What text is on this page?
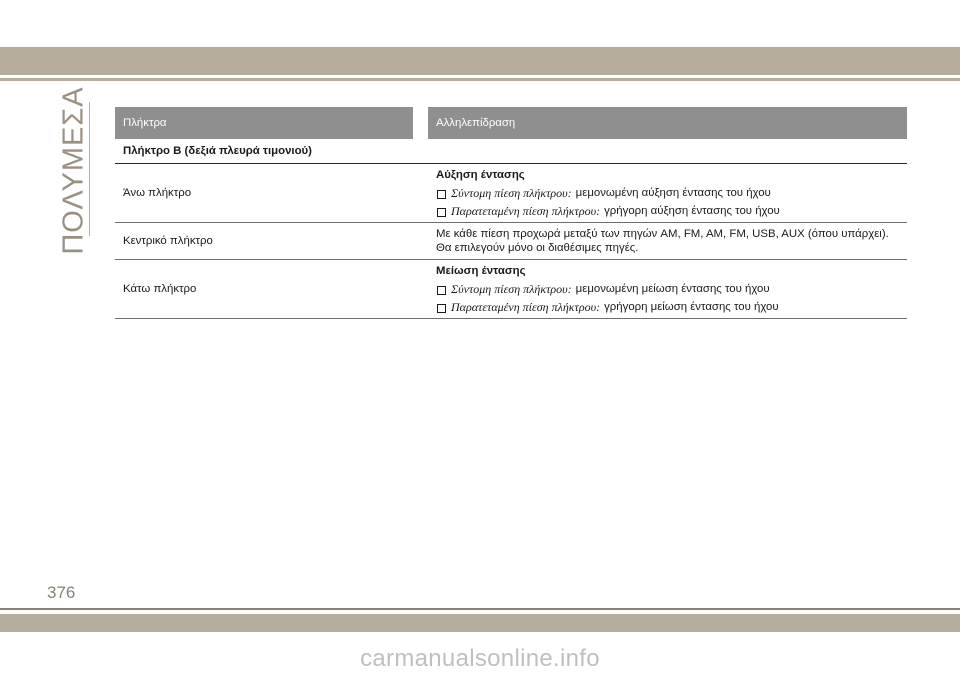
ΠΟΛΥΜΕΣΑ	Πλήκτρα		Αλληλεπίδραση
Πλήκτρο Β (δεξιά πλευρά τιμονιού)		
Άνω πλήκτρο		Αύξηση έντασης
Σύντομη πίεση πλήκτρου: μεμονωμένη αύξηση έντασης του ήχου
Παρατεταμένη πίεση πλήκτρου: γρήγορη αύξηση έντασης του ήχου

Κεντρικό πλήκτρο		Με κάθε πίεση προχωρά μεταξύ των πηγών AM, FM, AM, FM, USB, AUX (όπου υπάρχει). Θα επιλεγούν μόνο οι διαθέσιμες πηγές.
Κάτω πλήκτρο		Μείωση έντασης
Σύντομη πίεση πλήκτρου: μεμονωμένη μείωση έντασης του ήχου
Παρατεταμένη πίεση πλήκτρου: γρήγορη μείωση έντασης του ήχου
376
carmanualsonline.info
